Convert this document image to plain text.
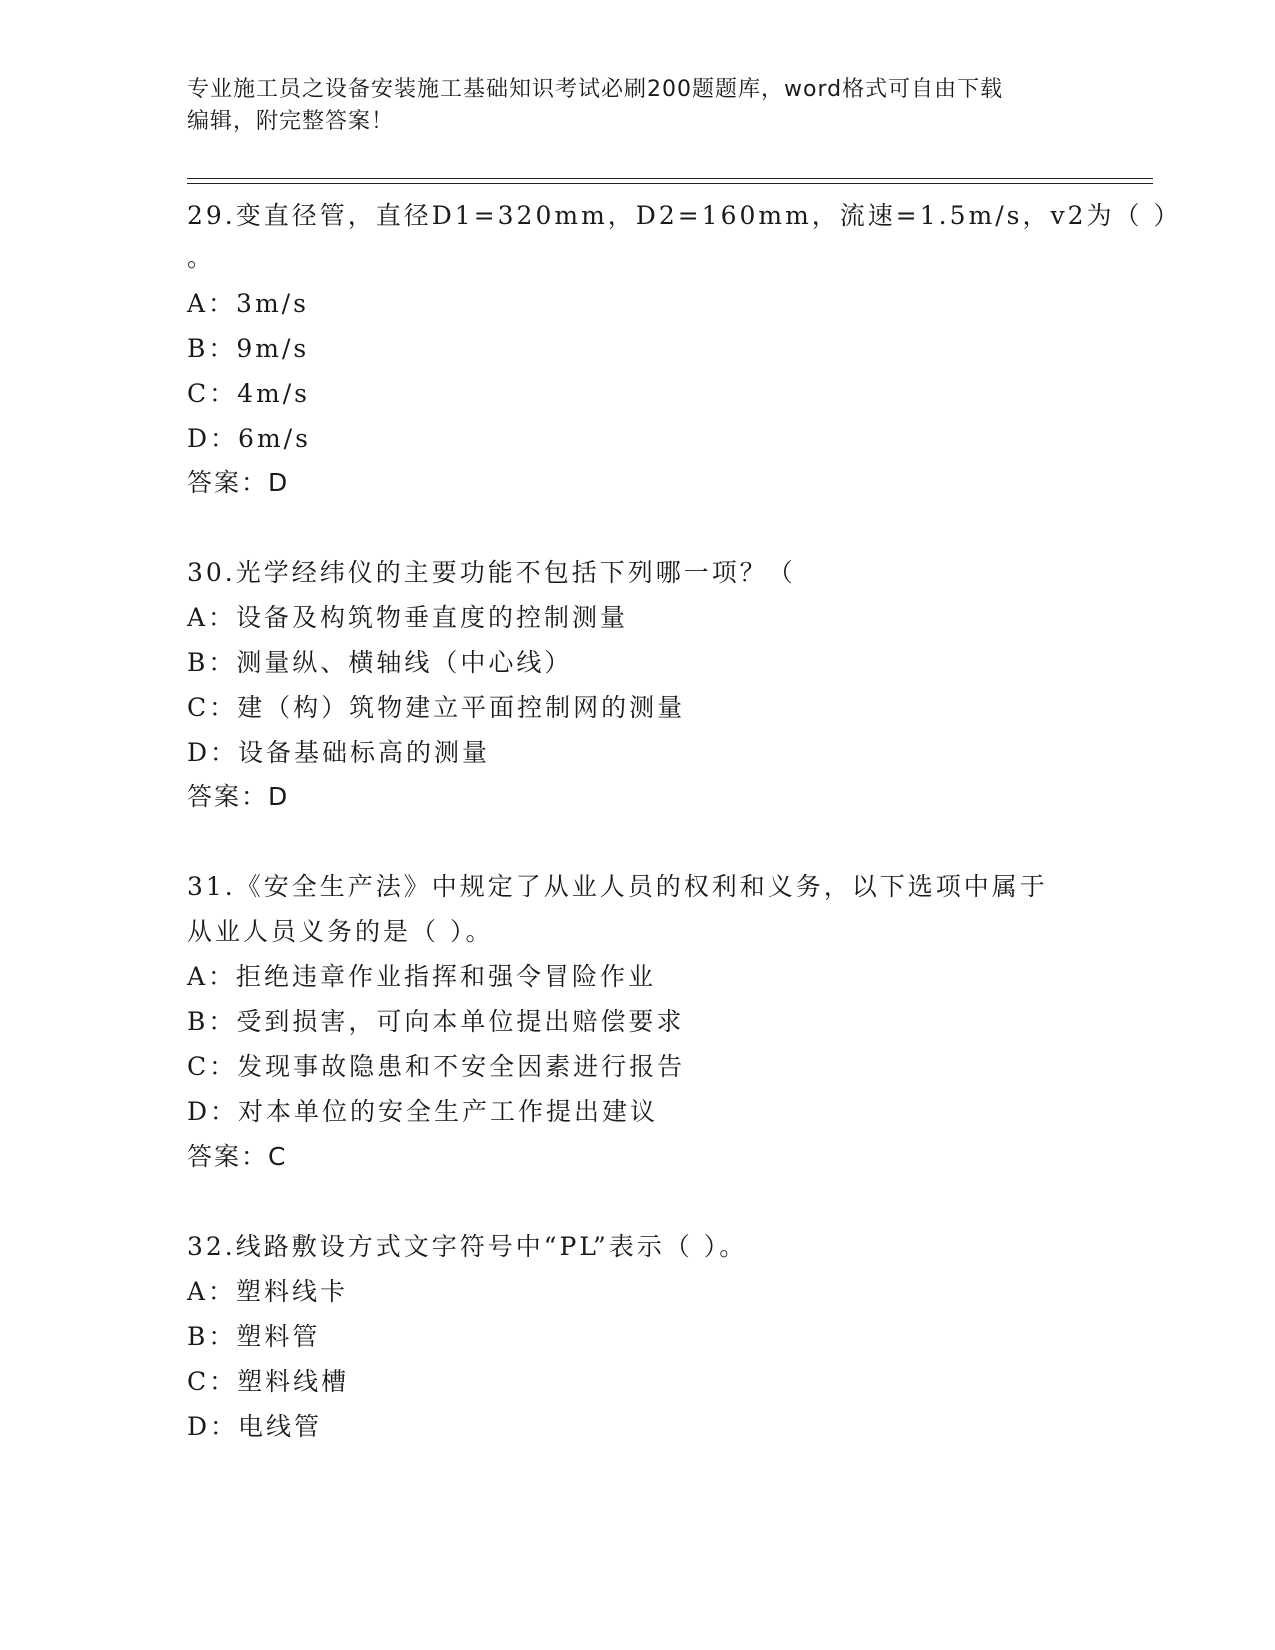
专业施工员之设备安装施工基础知识考试必刷200题题库，word格式可自由下载
编辑，附完整答案！
29.变直径管，直径D1=320mm，D2=160mm，流速=1.5m/s，v2为（ ）
。
A：3m/s
B：9m/s
C：4m/s
D：6m/s
答案：D
30.光学经纬仪的主要功能不包括下列哪一项？（
A：设备及构筑物垂直度的控制测量
B：测量纵、横轴线（中心线）
C：建（构）筑物建立平面控制网的测量
D：设备基础标高的测量
答案：D
31.《安全生产法》中规定了从业人员的权利和义务，以下选项中属于
从业人员义务的是（ ）。
A：拒绝违章作业指挥和强令冒险作业
B：受到损害，可向本单位提出赔偿要求
C：发现事故隐患和不安全因素进行报告
D：对本单位的安全生产工作提出建议
答案：C
32.线路敷设方式文字符号中“PL”表示（ ）。
A：塑料线卡
B：塑料管
C：塑料线槽
D：电线管
